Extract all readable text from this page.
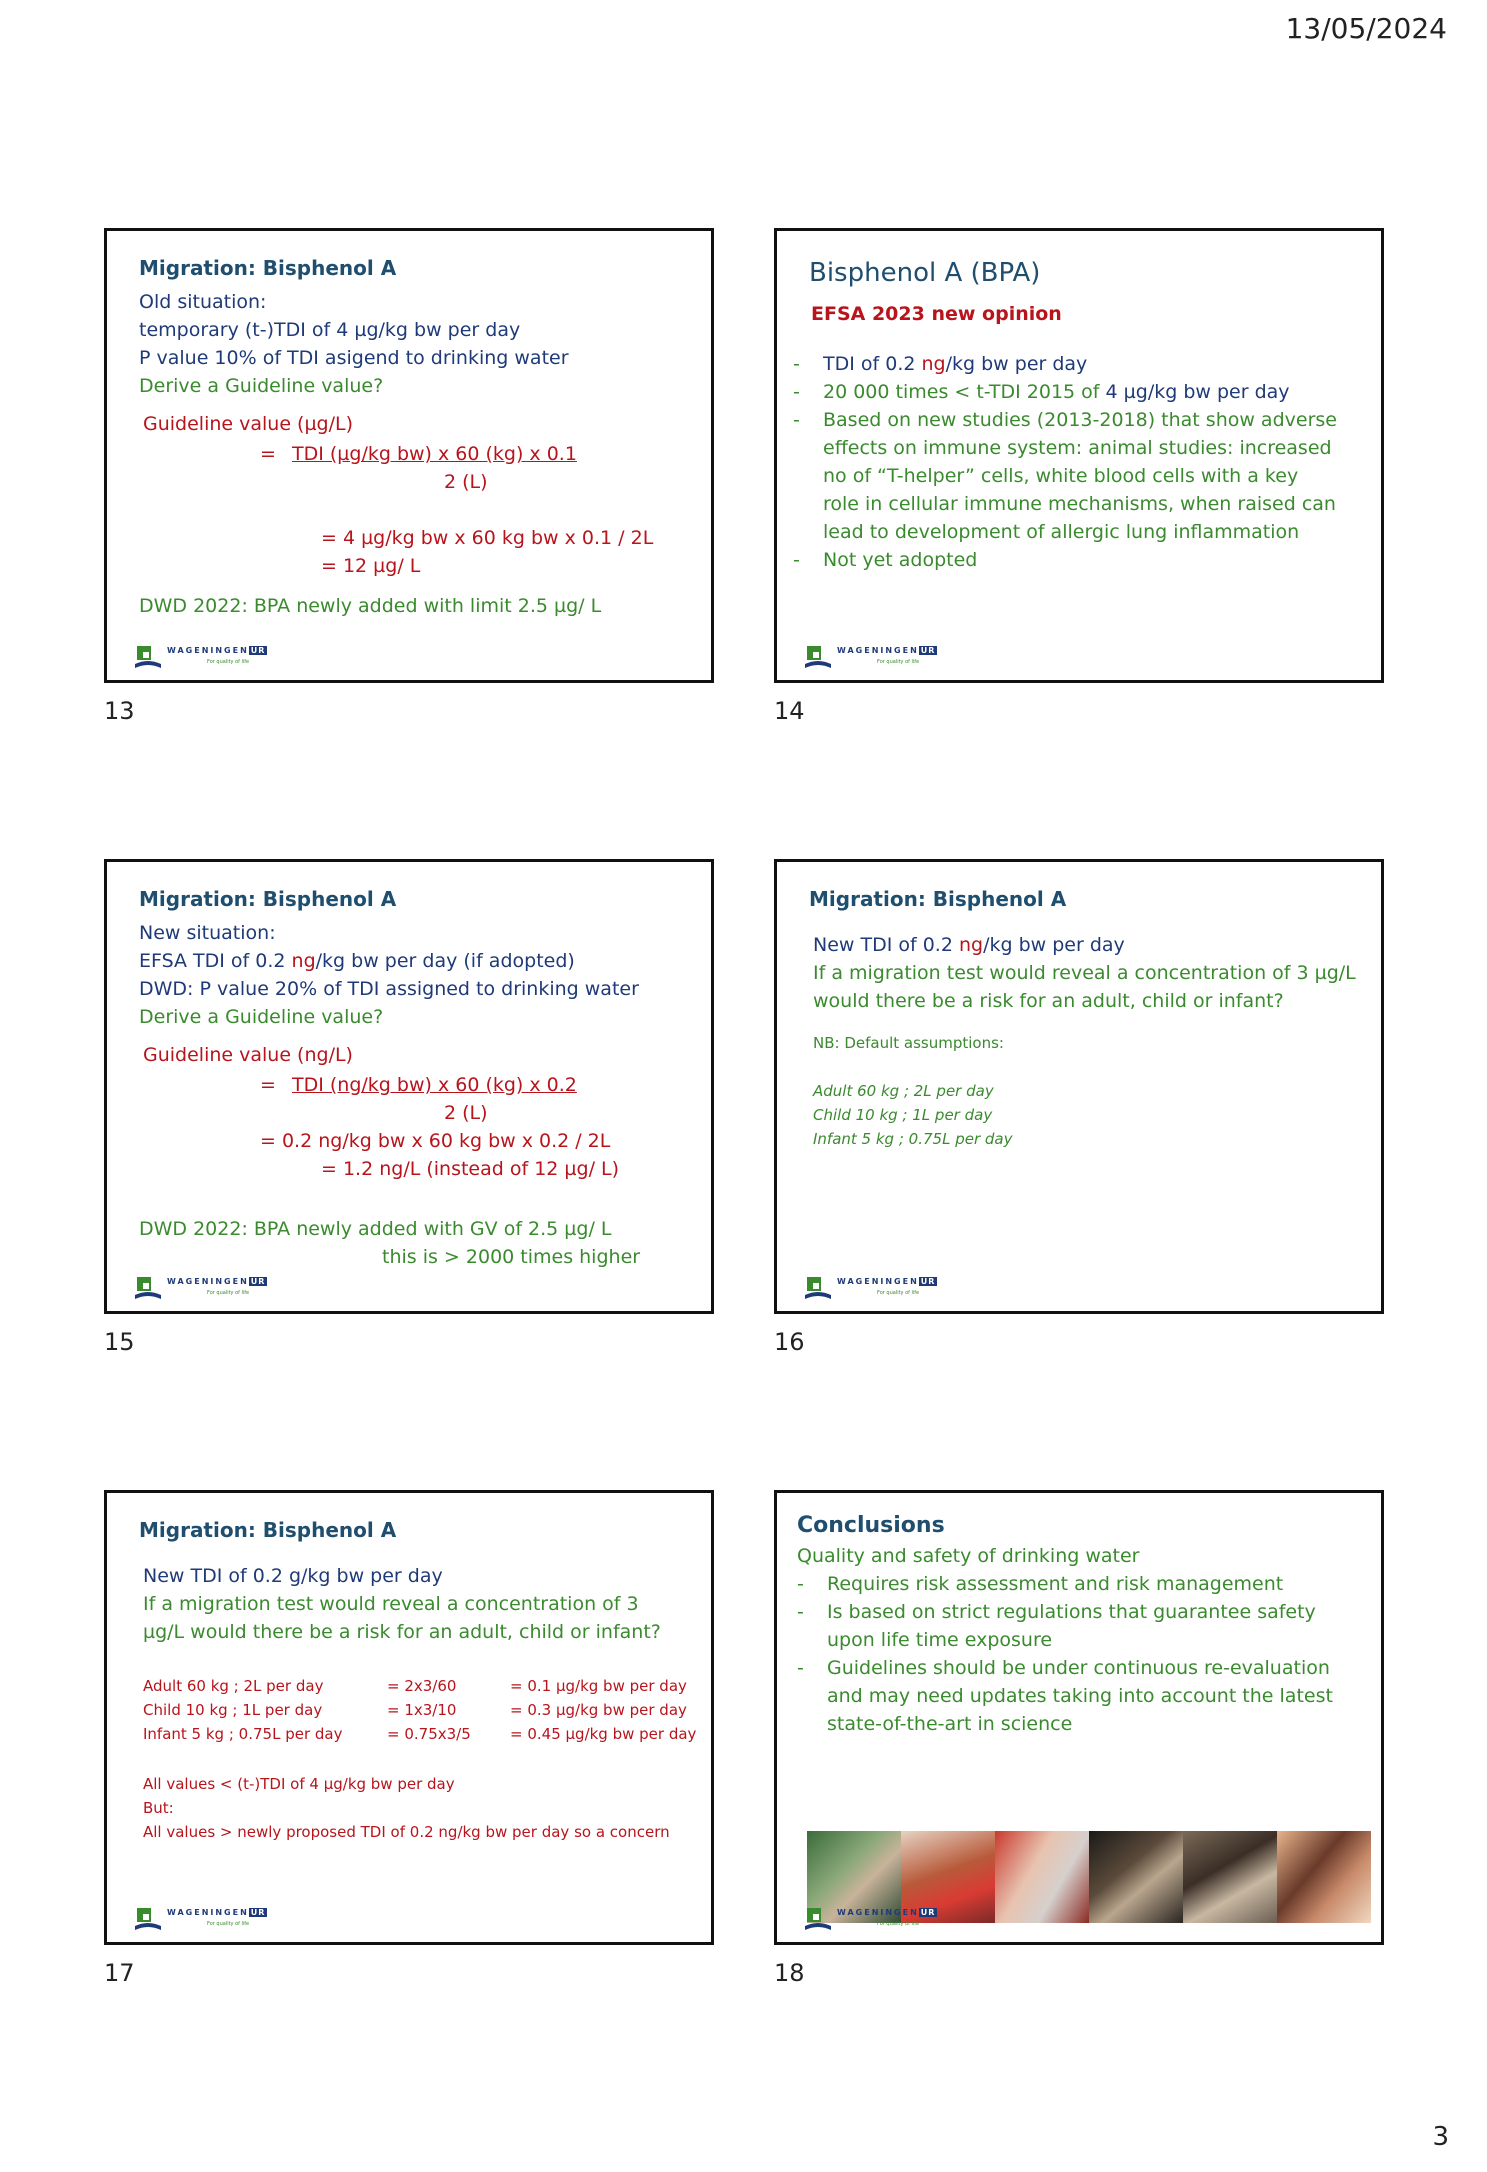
13/05/2024
Migration: Bisphenol A
Old situation:
temporary (t-)TDI of 4 µg/kg bw per day
P value 10% of TDI asigend to drinking water
Derive a Guideline value?
Guideline value (µg/L)
= TDI (µg/kg bw) x 60 (kg) x 0.1
2 (L)
= 4 µg/kg bw x 60 kg bw x 0.1 / 2L
= 12 µg/ L
DWD 2022: BPA newly added with limit 2.5 µg/ L
WAGENINGEN UR
For quality of life
13
Bisphenol A (BPA)
EFSA 2023 new opinion
- TDI of 0.2 ng/kg bw per day
- 20 000 times < t-TDI 2015 of 4 µg/kg bw per day
- Based on new studies (2013-2018) that show adverse
effects on immune system: animal studies: increased
no of “T-helper” cells, white blood cells with a key
role in cellular immune mechanisms, when raised can
lead to development of allergic lung inflammation
- Not yet adopted
WAGENINGEN UR
For quality of life
14
Migration: Bisphenol A
New situation:
EFSA TDI of 0.2 ng/kg bw per day (if adopted)
DWD: P value 20% of TDI assigned to drinking water
Derive a Guideline value?
Guideline value (ng/L)
= TDI (ng/kg bw) x 60 (kg) x 0.2
2 (L)
= 0.2 ng/kg bw x 60 kg bw x 0.2 / 2L
= 1.2 ng/L (instead of 12 µg/ L)
DWD 2022: BPA newly added with GV of 2.5 µg/ L
this is > 2000 times higher
WAGENINGEN UR
For quality of life
15
Migration: Bisphenol A
New TDI of 0.2 ng/kg bw per day
If a migration test would reveal a concentration of 3 µg/L
would there be a risk for an adult, child or infant?
NB: Default assumptions:
Adult 60 kg ; 2L per day
Child 10 kg ; 1L per day
Infant 5 kg ; 0.75L per day
WAGENINGEN UR
For quality of life
16
Migration: Bisphenol A
New TDI of 0.2 g/kg bw per day
If a migration test would reveal a concentration of 3
µg/L would there be a risk for an adult, child or infant?
Adult 60 kg ; 2L per day	= 2x3/60	= 0.1 µg/kg bw per day
Child 10 kg ; 1L per day	= 1x3/10	= 0.3 µg/kg bw per day
Infant 5 kg ; 0.75L per day	= 0.75x3/5	= 0.45 µg/kg bw per day
All values < (t-)TDI of 4 µg/kg bw per day
But:
All values > newly proposed TDI of 0.2 ng/kg bw per day so a concern
WAGENINGEN UR
For quality of life
17
Conclusions
Quality and safety of drinking water
- Requires risk assessment and risk management
- Is based on strict regulations that guarantee safety
upon life time exposure
- Guidelines should be under continuous re-evaluation
and may need updates taking into account the latest
state-of-the-art in science
WAGENINGEN UR
For quality of life
18
3
